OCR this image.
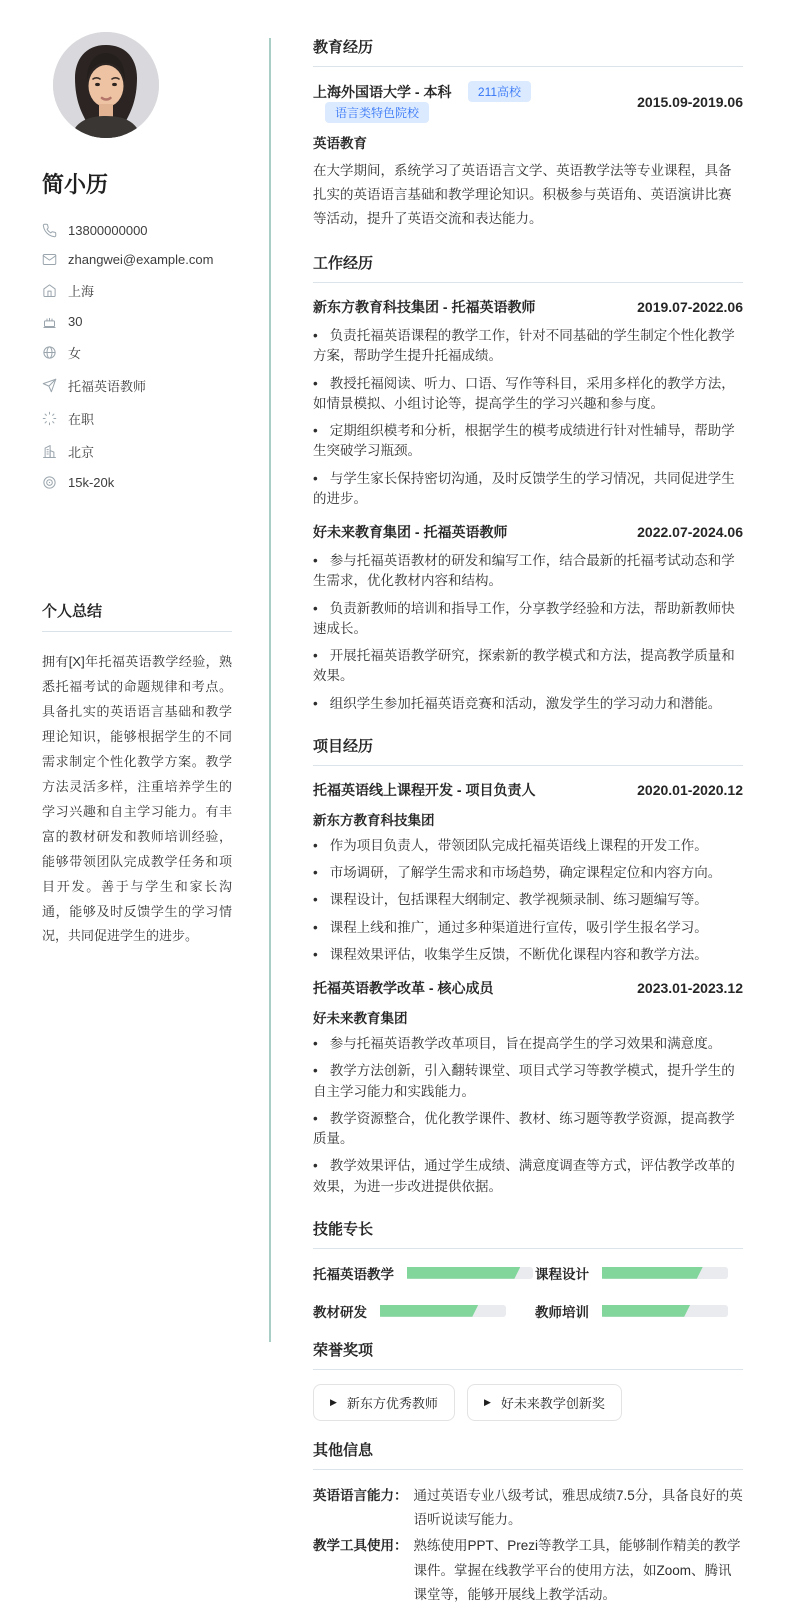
简小历
13800000000
zhangwei@example.com
上海
30
女
托福英语教师
在职
北京
15k-20k
个人总结

拥有[X]年托福英语教学经验，熟悉托福考试的命题规律和考点。具备扎实的英语语言基础和教学理论知识，能够根据学生的不同需求制定个性化教学方案。教学方法灵活多样，注重培养学生的学习兴趣和自主学习能力。有丰富的教材研发和教师培训经验，能够带领团队完成教学任务和项目开发。善于与学生和家长沟通，能够及时反馈学生的学习情况，共同促进学生的进步。

教育经历
上海外国语大学 - 本科 211高校 语言类特色院校
2015.09-2019.06
英语教育

在大学期间，系统学习了英语语言文学、英语教学法等专业课程，具备扎实的英语语言基础和教学理论知识。积极参与英语角、英语演讲比赛等活动，提升了英语交流和表达能力。

工作经历
新东方教育科技集团 - 托福英语教师	2019.07-2022.06

• 负责托福英语课程的教学工作，针对不同基础的学生制定个性化教学方案，帮助学生提升托福成绩。

• 教授托福阅读、听力、口语、写作等科目，采用多样化的教学方法，如情景模拟、小组讨论等，提高学生的学习兴趣和参与度。

• 定期组织模考和分析，根据学生的模考成绩进行针对性辅导，帮助学生突破学习瓶颈。

• 与学生家长保持密切沟通，及时反馈学生的学习情况，共同促进学生的进步。

好未来教育集团 - 托福英语教师	2022.07-2024.06

• 参与托福英语教材的研发和编写工作，结合最新的托福考试动态和学生需求，优化教材内容和结构。

• 负责新教师的培训和指导工作，分享教学经验和方法，帮助新教师快速成长。

• 开展托福英语教学研究，探索新的教学模式和方法，提高教学质量和效果。

• 组织学生参加托福英语竞赛和活动，激发学生的学习动力和潜能。

项目经历
托福英语线上课程开发 - 项目负责人	2020.01-2020.12
新东方教育科技集团

• 作为项目负责人，带领团队完成托福英语线上课程的开发工作。

• 市场调研，了解学生需求和市场趋势，确定课程定位和内容方向。

• 课程设计，包括课程大纲制定、教学视频录制、练习题编写等。

• 课程上线和推广，通过多种渠道进行宣传，吸引学生报名学习。

• 课程效果评估，收集学生反馈，不断优化课程内容和教学方法。

托福英语教学改革 - 核心成员	2023.01-2023.12
好未来教育集团

• 参与托福英语教学改革项目，旨在提高学生的学习效果和满意度。

• 教学方法创新，引入翻转课堂、项目式学习等教学模式，提升学生的自主学习能力和实践能力。

• 教学资源整合，优化教学课件、教材、练习题等教学资源，提高教学质量。

• 教学效果评估，通过学生成绩、满意度调查等方式，评估教学改革的效果，为进一步改进提供依据。

技能专长
托福英语教学	课程设计
教材研发	教师培训
荣誉奖项
▶ 新东方优秀教师	▶ 好未来教学创新奖
其他信息
英语语言能力： 通过英语专业八级考试，雅思成绩7.5分，具备良好的英语听说读写能力。
教学工具使用： 熟练使用PPT、Prezi等教学工具，能够制作精美的教学课件。掌握在线教学平台的使用方法，如Zoom、腾讯课堂等，能够开展线上教学活动。
